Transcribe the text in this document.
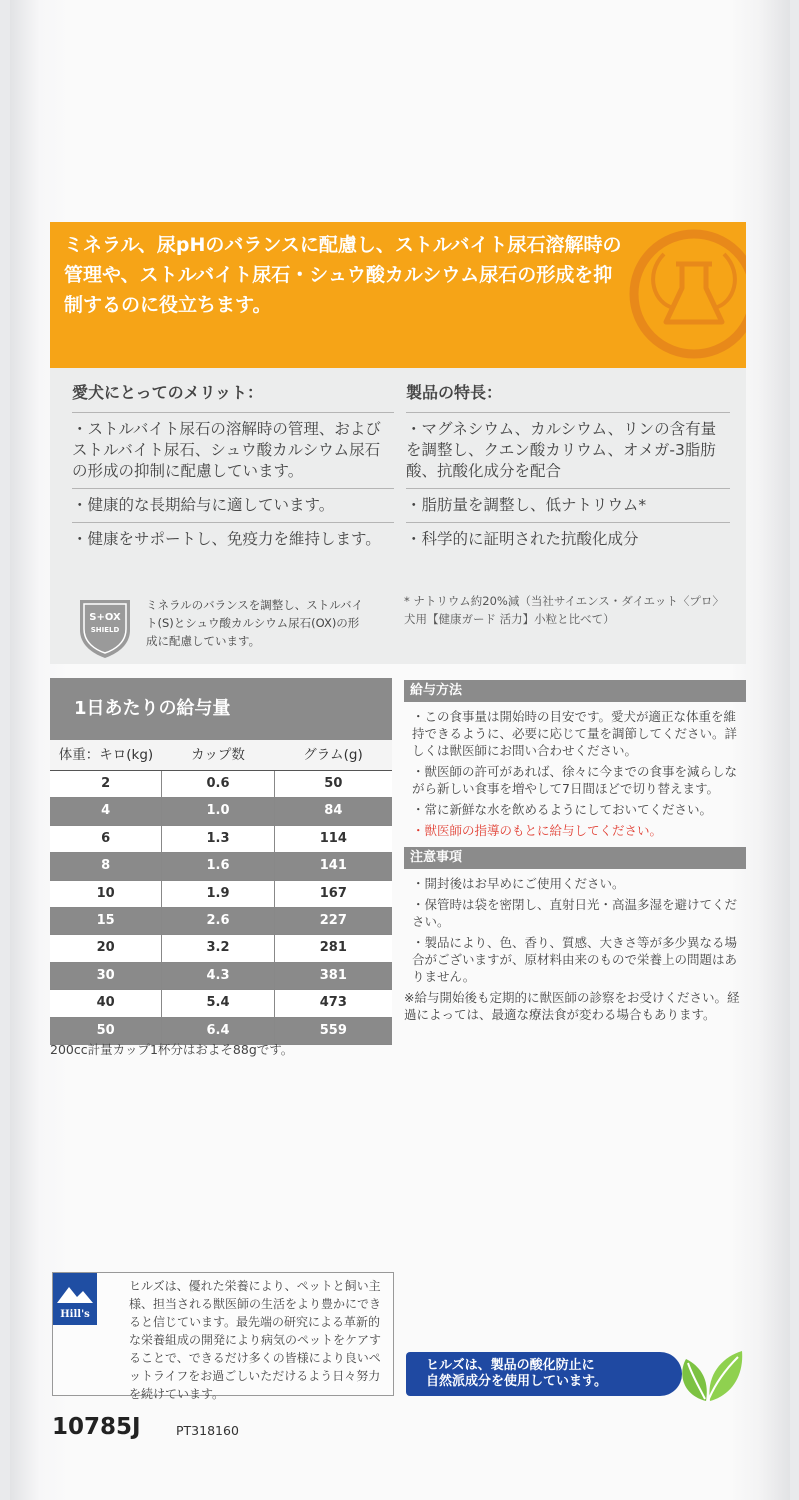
ミネラル、尿pHのバランスに配慮し、ストルバイト尿石溶解時の管理や、ストルバイト尿石・シュウ酸カルシウム尿石の形成を抑制するのに役立ちます。
愛犬にとってのメリット：
・ストルバイト尿石の溶解時の管理、およびストルバイト尿石、シュウ酸カルシウム尿石の形成の抑制に配慮しています。
・健康的な長期給与に適しています。
・健康をサポートし、免疫力を維持します。
S+OX
SHIELD
ミネラルのバランスを調整し、ストルバイト(S)とシュウ酸カルシウム尿石(OX)の形成に配慮しています。
製品の特長：
・マグネシウム、カルシウム、リンの含有量を調整し、クエン酸カリウム、オメガ-3脂肪酸、抗酸化成分を配合
・脂肪量を調整し、低ナトリウム*
・科学的に証明された抗酸化成分
* ナトリウム約20%減（当社サイエンス・ダイエット〈プロ〉犬用【健康ガード 活力】小粒と比べて）
1日あたりの給与量
体重：キロ(kg)	カップ数	グラム(g)
2	0.6	50
4	1.0	84
6	1.3	114
8	1.6	141
10	1.9	167
15	2.6	227
20	3.2	281
30	4.3	381
40	5.4	473
50	6.4	559
200cc計量カップ1杯分はおよそ88gです。
給与方法
・この食事量は開始時の目安です。愛犬が適正な体重を維持できるように、必要に応じて量を調節してください。詳しくは獣医師にお問い合わせください。
・獣医師の許可があれば、徐々に今までの食事を減らしながら新しい食事を増やして7日間ほどで切り替えます。
・常に新鮮な水を飲めるようにしておいてください。
・獣医師の指導のもとに給与してください。
注意事項
・開封後はお早めにご使用ください。
・保管時は袋を密閉し、直射日光・高温多湿を避けてください。
・製品により、色、香り、質感、大きさ等が多少異なる場合がございますが、原材料由来のもので栄養上の問題はありません。
※給与開始後も定期的に獣医師の診察をお受けください。経過によっては、最適な療法食が変わる場合もあります。
Hill's
ヒルズは、優れた栄養により、ペットと飼い主様、担当される獣医師の生活をより豊かにできると信じています。最先端の研究による革新的な栄養組成の開発により病気のペットをケアすることで、できるだけ多くの皆様により良いペットライフをお過ごしいただけるよう日々努力を続けています。
ヒルズは、製品の酸化防止に
自然派成分を使用しています。
10785J	PT318160
